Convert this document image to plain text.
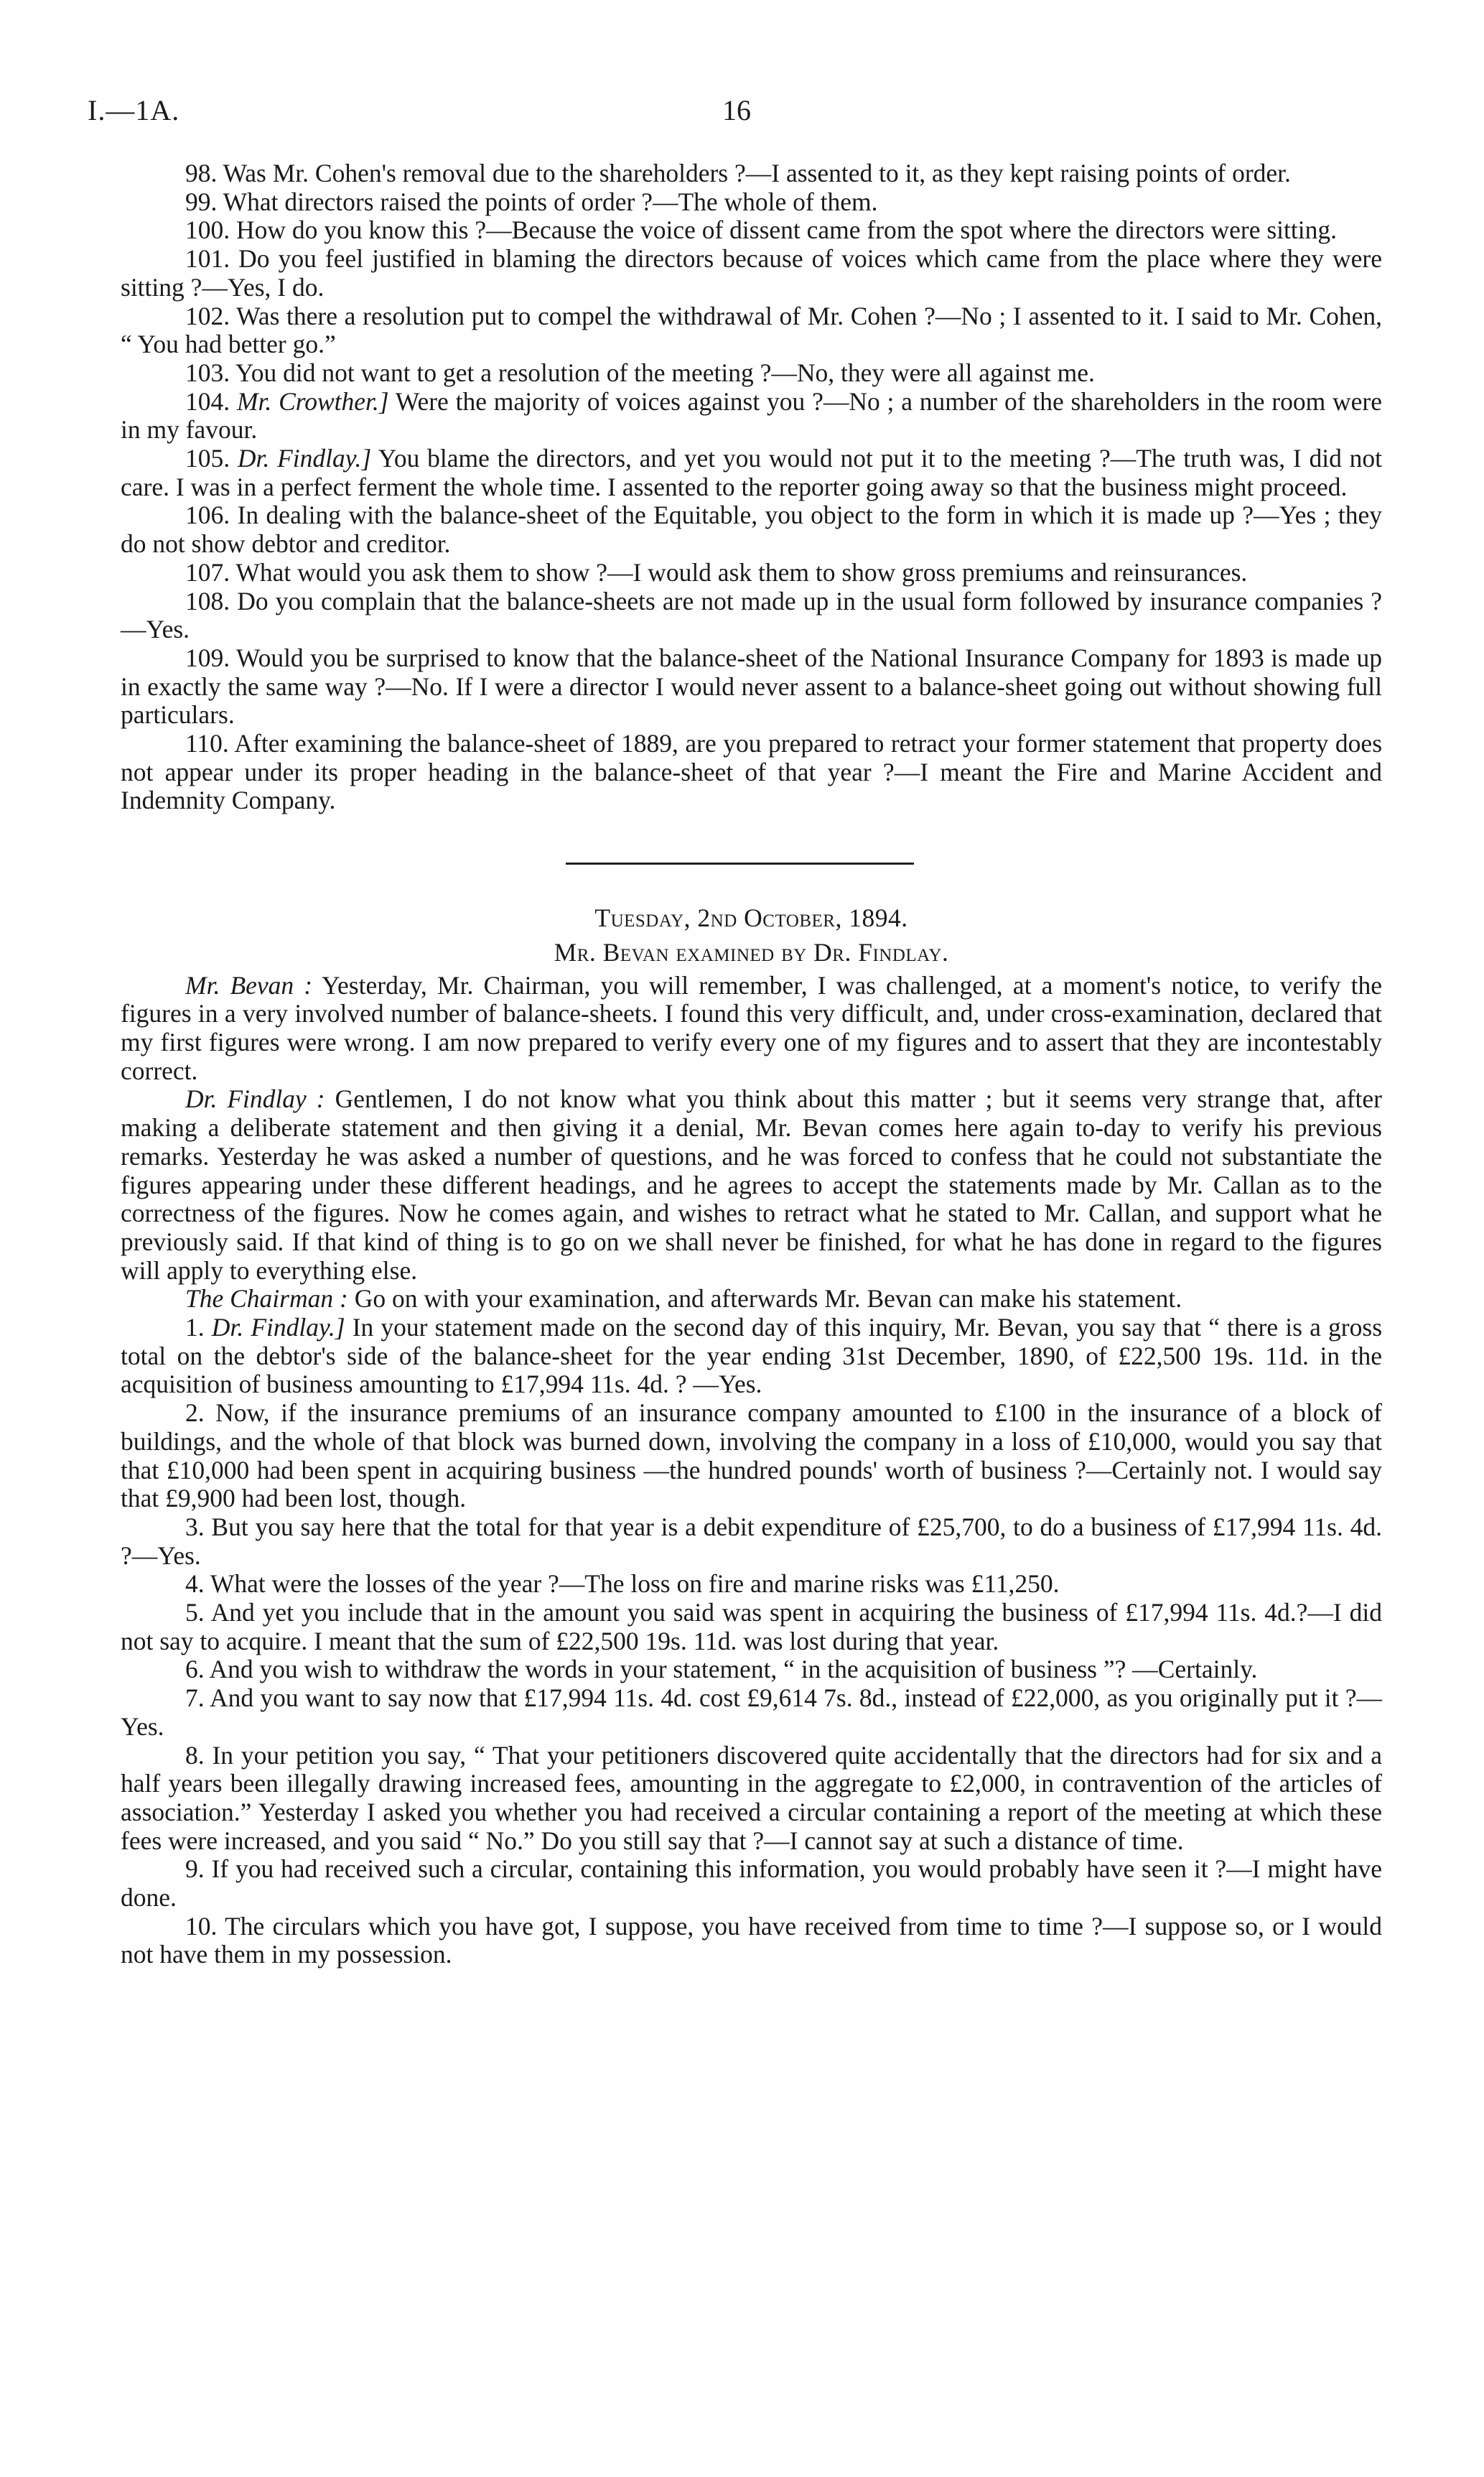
I.—1A.	16

98. Was Mr. Cohen's removal due to the shareholders ?—I assented to it, as they kept raising points of order.

99. What directors raised the points of order ?—The whole of them.

100. How do you know this ?—Because the voice of dissent came from the spot where the directors were sitting.

101. Do you feel justified in blaming the directors because of voices which came from the place where they were sitting ?—Yes, I do.

102. Was there a resolution put to compel the withdrawal of Mr. Cohen ?—No ; I assented to it. I said to Mr. Cohen, “ You had better go.”

103. You did not want to get a resolution of the meeting ?—No, they were all against me.

104. Mr. Crowther.] Were the majority of voices against you ?—No ; a number of the shareholders in the room were in my favour.

105. Dr. Findlay.] You blame the directors, and yet you would not put it to the meeting ?—The truth was, I did not care. I was in a perfect ferment the whole time. I assented to the reporter going away so that the business might proceed.

106. In dealing with the balance-sheet of the Equitable, you object to the form in which it is made up ?—Yes ; they do not show debtor and creditor.

107. What would you ask them to show ?—I would ask them to show gross premiums and reinsurances.

108. Do you complain that the balance-sheets are not made up in the usual form followed by insurance companies ?—Yes.

109. Would you be surprised to know that the balance-sheet of the National Insurance Company for 1893 is made up in exactly the same way ?—No. If I were a director I would never assent to a balance-sheet going out without showing full particulars.

110. After examining the balance-sheet of 1889, are you prepared to retract your former statement that property does not appear under its proper heading in the balance-sheet of that year ?—I meant the Fire and Marine Accident and Indemnity Company.

Tuesday, 2nd October, 1894.

Mr. Bevan examined by Dr. Findlay.

Mr. Bevan : Yesterday, Mr. Chairman, you will remember, I was challenged, at a moment's notice, to verify the figures in a very involved number of balance-sheets. I found this very difficult, and, under cross-examination, declared that my first figures were wrong. I am now prepared to verify every one of my figures and to assert that they are incontestably correct.

Dr. Findlay : Gentlemen, I do not know what you think about this matter ; but it seems very strange that, after making a deliberate statement and then giving it a denial, Mr. Bevan comes here again to-day to verify his previous remarks. Yesterday he was asked a number of questions, and he was forced to confess that he could not substantiate the figures appearing under these different headings, and he agrees to accept the statements made by Mr. Callan as to the correctness of the figures. Now he comes again, and wishes to retract what he stated to Mr. Callan, and support what he previously said. If that kind of thing is to go on we shall never be finished, for what he has done in regard to the figures will apply to everything else.

The Chairman : Go on with your examination, and afterwards Mr. Bevan can make his statement.

1. Dr. Findlay.] In your statement made on the second day of this inquiry, Mr. Bevan, you say that “ there is a gross total on the debtor's side of the balance-sheet for the year ending 31st December, 1890, of £22,500 19s. 11d. in the acquisition of business amounting to £17,994 11s. 4d. ? —Yes.

2. Now, if the insurance premiums of an insurance company amounted to £100 in the insurance of a block of buildings, and the whole of that block was burned down, involving the company in a loss of £10,000, would you say that that £10,000 had been spent in acquiring business —the hundred pounds' worth of business ?—Certainly not. I would say that £9,900 had been lost, though.

3. But you say here that the total for that year is a debit expenditure of £25,700, to do a business of £17,994 11s. 4d. ?—Yes.

4. What were the losses of the year ?—The loss on fire and marine risks was £11,250.

5. And yet you include that in the amount you said was spent in acquiring the business of £17,994 11s. 4d.?—I did not say to acquire. I meant that the sum of £22,500 19s. 11d. was lost during that year.

6. And you wish to withdraw the words in your statement, “ in the acquisition of business ”? —Certainly.

7. And you want to say now that £17,994 11s. 4d. cost £9,614 7s. 8d., instead of £22,000, as you originally put it ?—Yes.

8. In your petition you say, “ That your petitioners discovered quite accidentally that the directors had for six and a half years been illegally drawing increased fees, amounting in the aggregate to £2,000, in contravention of the articles of association.” Yesterday I asked you whether you had received a circular containing a report of the meeting at which these fees were increased, and you said “ No.” Do you still say that ?—I cannot say at such a distance of time.

9. If you had received such a circular, containing this information, you would probably have seen it ?—I might have done.

10. The circulars which you have got, I suppose, you have received from time to time ?—I suppose so, or I would not have them in my possession.
